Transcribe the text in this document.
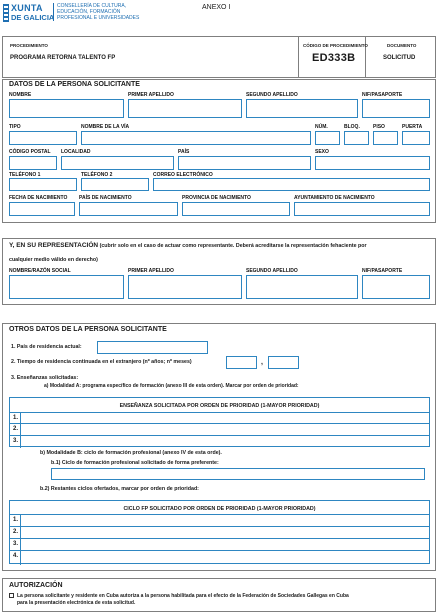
XUNTA
DE GALICIA
CONSELLERÍA DE CULTURA,
EDUCACIÓN, FORMACIÓN
PROFESIONAL E UNIVERSIDADES
ANEXO I
PROCEDIMIENTO
PROGRAMA RETORNA TALENTO FP
CÓDIGO DE PROCEDIMIENTO
ED333B
DOCUMENTO
SOLICITUD
DATOS DE LA PERSONA SOLICITANTE
NOMBRE	PRIMER APELLIDO	SEGUNDO APELLIDO	NIF/PASAPORTE
TIPO	NOMBRE DE LA VÍA	NÚM.	BLOQ.	PISO	PUERTA
CÓDIGO POSTAL LOCALIDAD	PAÍS	SEXO
TELÉFONO 1	TELÉFONO 2	CORREO ELECTRÓNICO
FECHA DE NACIMIENTO PAÍS DE NACIMIENTO	PROVINCIA DE NACIMIENTO	AYUNTAMIENTO DE NACIMIENTO
Y, EN SU REPRESENTACIÓN (cubrir solo en el caso de actuar como representante. Deberá acreditarse la representación fehaciente por
cualquier medio válido en derecho)
NOMBRE/RAZÓN SOCIAL	PRIMER APELLIDO	SEGUNDO APELLIDO	NIF/PASAPORTE
OTROS DATOS DE LA PERSONA SOLICITANTE
1. País de residencia actual:
2. Tiempo de residencia continuada en el extranjero (nº años; nº meses)	,
3. Enseñanzas solicitadas:
a) Modalidad A: programa específico de formación (anexo III de esta orden). Marcar por orden de prioridad:
ENSEÑANZA SOLICITADA POR ORDEN DE PRIORIDAD (1-MAYOR PRIORIDAD)
1.
2.
3.
b) Modalidade B: ciclo de formación profesional (anexo IV de esta orde).
b.1) Ciclo de formación profesional solicitado de forma preferente:
b.2) Restantes ciclos ofertados, marcar por orden de prioridad:
CICLO FP SOLICITADO POR ORDEN DE PRIORIDAD (1-MAYOR PRIORIDAD)
1.
2.
3.
4.
AUTORIZACIÓN
La persona solicitante y residente en Cuba autoriza a la persona habilitada para el efecto de la Federación de Sociedades Gallegas en Cuba
para la presentación electrónica de esta solicitud.
